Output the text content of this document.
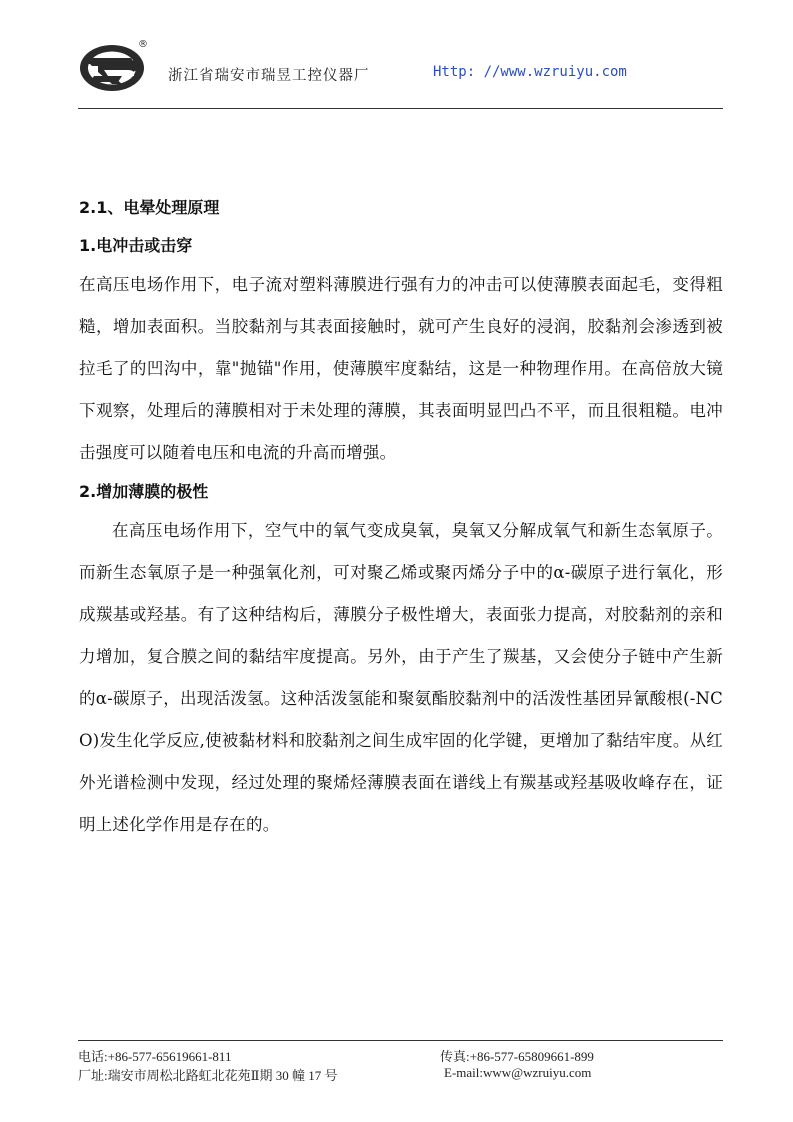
®
浙江省瑞安市瑞昱工控仪器厂	Http: //www.wzruiyu.com
2.1、电晕处理原理
1.电冲击或击穿

在高压电场作用下，电子流对塑料薄膜进行强有力的冲击可以使薄膜表面起毛，变得粗糙，增加表面积。当胶黏剂与其表面接触时，就可产生良好的浸润，胶黏剂会渗透到被拉毛了的凹沟中，靠"抛锚"作用，使薄膜牢度黏结，这是一种物理作用。在高倍放大镜下观察，处理后的薄膜相对于未处理的薄膜，其表面明显凹凸不平，而且很粗糙。电冲击强度可以随着电压和电流的升高而增强。

2.增加薄膜的极性

在高压电场作用下，空气中的氧气变成臭氧，臭氧又分解成氧气和新生态氧原子。而新生态氧原子是一种强氧化剂，可对聚乙烯或聚丙烯分子中的α-碳原子进行氧化，形成羰基或羟基。有了这种结构后，薄膜分子极性增大，表面张力提高，对胶黏剂的亲和力增加，复合膜之间的黏结牢度提高。另外，由于产生了羰基，又会使分子链中产生新的α-碳原子，出现活泼氢。这种活泼氢能和聚氨酯胶黏剂中的活泼性基团异氰酸根(-NCO)发生化学反应,使被黏材料和胶黏剂之间生成牢固的化学键，更增加了黏结牢度。从红外光谱检测中发现，经过处理的聚烯烃薄膜表面在谱线上有羰基或羟基吸收峰存在，证明上述化学作用是存在的。

电话:+86-577-65619661-811	传真:+86-577-65809661-899
厂址:瑞安市周松北路虹北花苑Ⅱ期 30 幢 17 号	E-mail:www@wzruiyu.com
